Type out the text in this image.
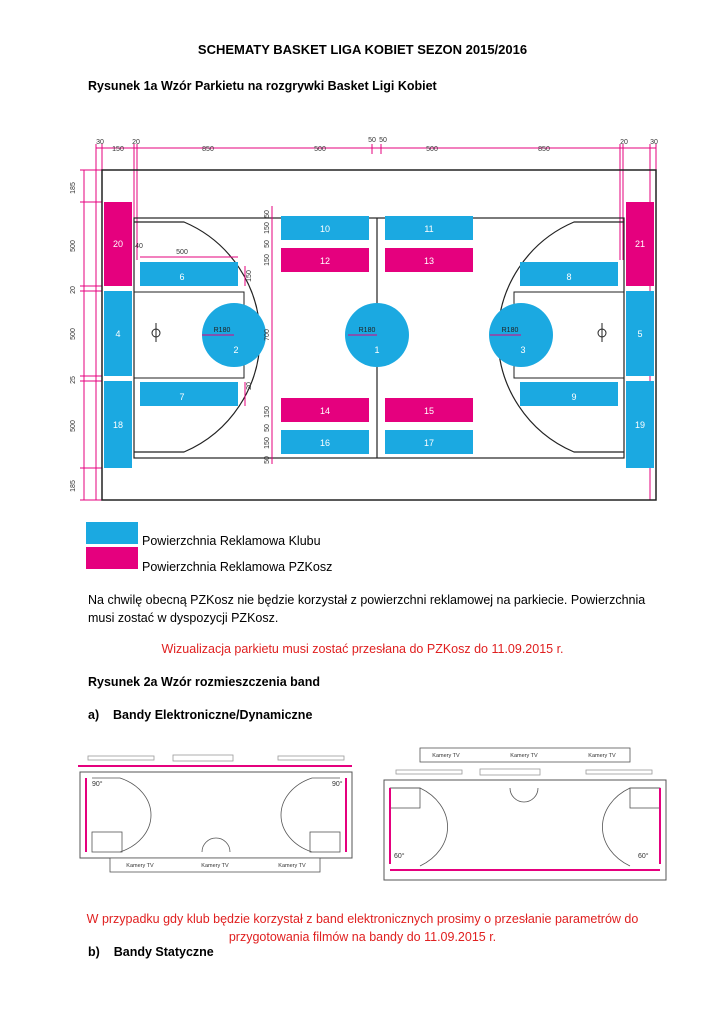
SCHEMATY BASKET LIGA KOBIET SEZON 2015/2016
Rysunek 1a Wzór Parkietu na rozgrywki Basket Ligi Kobiet
30
150
20
850	500
50 50
500	850
20	30
185
500
20
500
25
500
185
R180	R180	R180
20
4
18
21
5
19
6
7
8
9
10	11
12	13
14	15
16	17
2	1	3
50
150
50
150
700
150
50
150
50
500
40
150
20
Powierzchnia Reklamowa Klubu
Powierzchnia Reklamowa PZKosz
Na chwilę obecną PZKosz nie będzie korzystał z powierzchni reklamowej na parkiecie. Powierzchnia musi zostać w dyspozycji PZKosz.
Wizualizacja parkietu musi zostać przesłana do PZKosz do 11.09.2015 r.
Rysunek 2a Wzór rozmieszczenia band
a) Bandy Elektroniczne/Dynamiczne
90°	90°
Kamery TV	Kamery TV	Kamery TV
Kamery TV	Kamery TV	Kamery TV
60°	60°
W przypadku gdy klub będzie korzystał z band elektronicznych prosimy o przesłanie parametrów do przygotowania filmów na bandy do 11.09.2015 r.
b) Bandy Statyczne
